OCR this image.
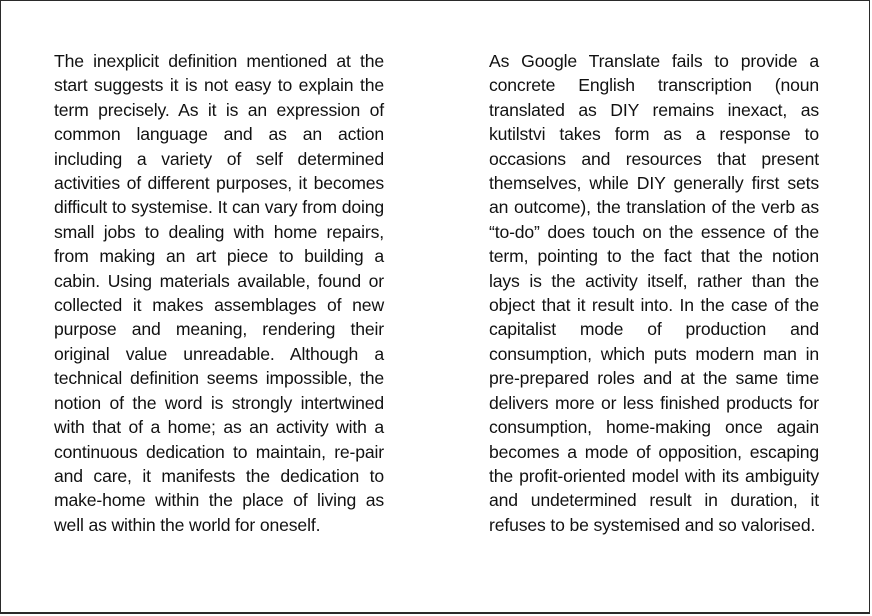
The inexplicit definition mentioned at the start suggests it is not easy to explain the term precisely. As it is an expression of common language and as an action including a variety of self determined activities of different purposes, it becomes difficult to systemise. It can vary from doing small jobs to dealing with home repairs, from making an art piece to building a cabin. Using materials available, found or collected it makes assemblages of new purpose and meaning, rendering their original value unreadable. Although a technical definition seems impossible, the notion of the word is strongly intertwined with that of a home; as an activity with a continuous dedication to maintain, re-pair and care, it manifests the dedication to make-home within the place of living as well as within the world for oneself.

As Google Translate fails to provide a concrete English transcription (noun translated as DIY remains inexact, as kutilstvi takes form as a response to occasions and resources that present themselves, while DIY generally first sets an outcome), the translation of the verb as “to-do” does touch on the essence of the term, pointing to the fact that the notion lays is the activity itself, rather than the object that it result into. In the case of the capitalist mode of production and consumption, which puts modern man in pre-prepared roles and at the same time delivers more or less finished products for consumption, home-making once again becomes a mode of opposition, escaping the profit-oriented model with its ambiguity and undetermined result in duration, it refuses to be systemised and so valorised.
